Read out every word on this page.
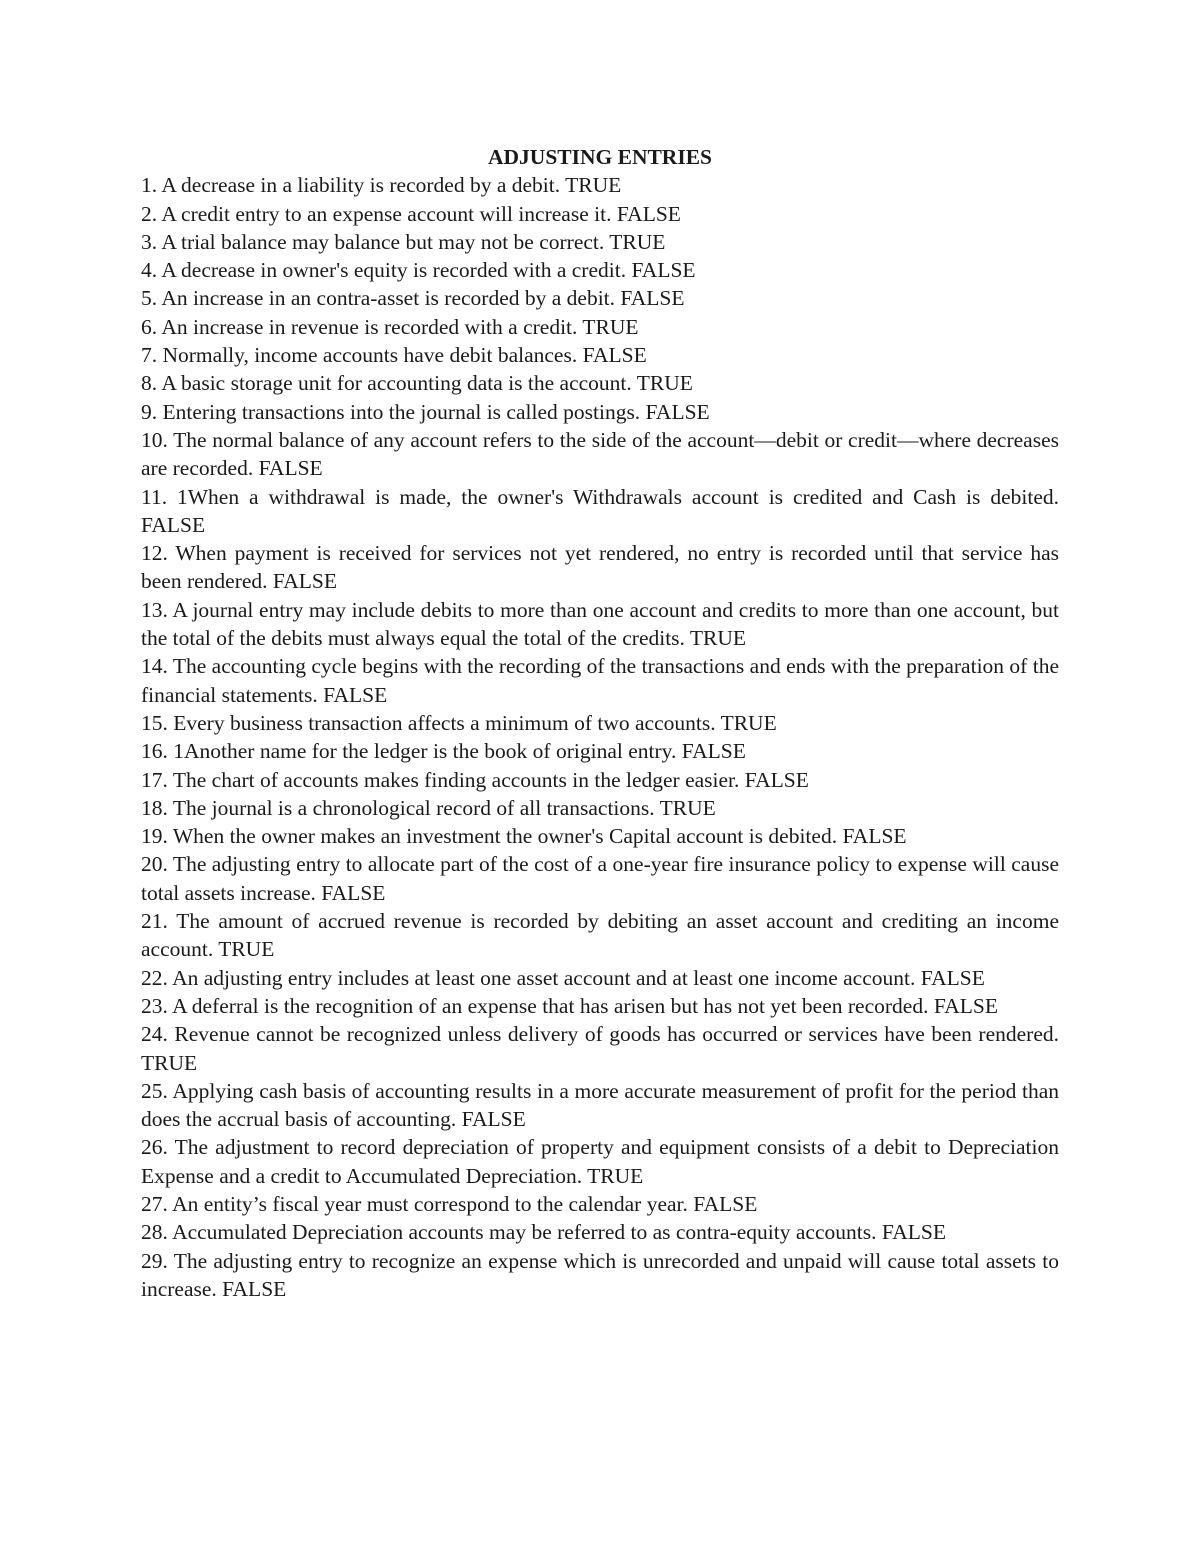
ADJUSTING ENTRIES
1. A decrease in a liability is recorded by a debit. TRUE
2. A credit entry to an expense account will increase it. FALSE
3. A trial balance may balance but may not be correct. TRUE
4. A decrease in owner's equity is recorded with a credit. FALSE
5. An increase in an contra-asset is recorded by a debit. FALSE
6. An increase in revenue is recorded with a credit. TRUE
7. Normally, income accounts have debit balances. FALSE
8. A basic storage unit for accounting data is the account. TRUE
9. Entering transactions into the journal is called postings. FALSE
10. The normal balance of any account refers to the side of the account—debit or credit—where decreases are recorded. FALSE
11. 1When a withdrawal is made, the owner's Withdrawals account is credited and Cash is debited. FALSE
12. When payment is received for services not yet rendered, no entry is recorded until that service has been rendered. FALSE
13. A journal entry may include debits to more than one account and credits to more than one account, but the total of the debits must always equal the total of the credits. TRUE
14. The accounting cycle begins with the recording of the transactions and ends with the preparation of the financial statements. FALSE
15. Every business transaction affects a minimum of two accounts. TRUE
16. 1Another name for the ledger is the book of original entry. FALSE
17. The chart of accounts makes finding accounts in the ledger easier. FALSE
18. The journal is a chronological record of all transactions. TRUE
19. When the owner makes an investment the owner's Capital account is debited. FALSE
20. The adjusting entry to allocate part of the cost of a one-year fire insurance policy to expense will cause total assets increase. FALSE
21. The amount of accrued revenue is recorded by debiting an asset account and crediting an income account. TRUE
22. An adjusting entry includes at least one asset account and at least one income account. FALSE
23. A deferral is the recognition of an expense that has arisen but has not yet been recorded. FALSE
24. Revenue cannot be recognized unless delivery of goods has occurred or services have been rendered. TRUE
25. Applying cash basis of accounting results in a more accurate measurement of profit for the period than does the accrual basis of accounting. FALSE
26. The adjustment to record depreciation of property and equipment consists of a debit to Depreciation Expense and a credit to Accumulated Depreciation. TRUE
27. An entity’s fiscal year must correspond to the calendar year. FALSE
28. Accumulated Depreciation accounts may be referred to as contra-equity accounts. FALSE
29. The adjusting entry to recognize an expense which is unrecorded and unpaid will cause total assets to increase. FALSE
